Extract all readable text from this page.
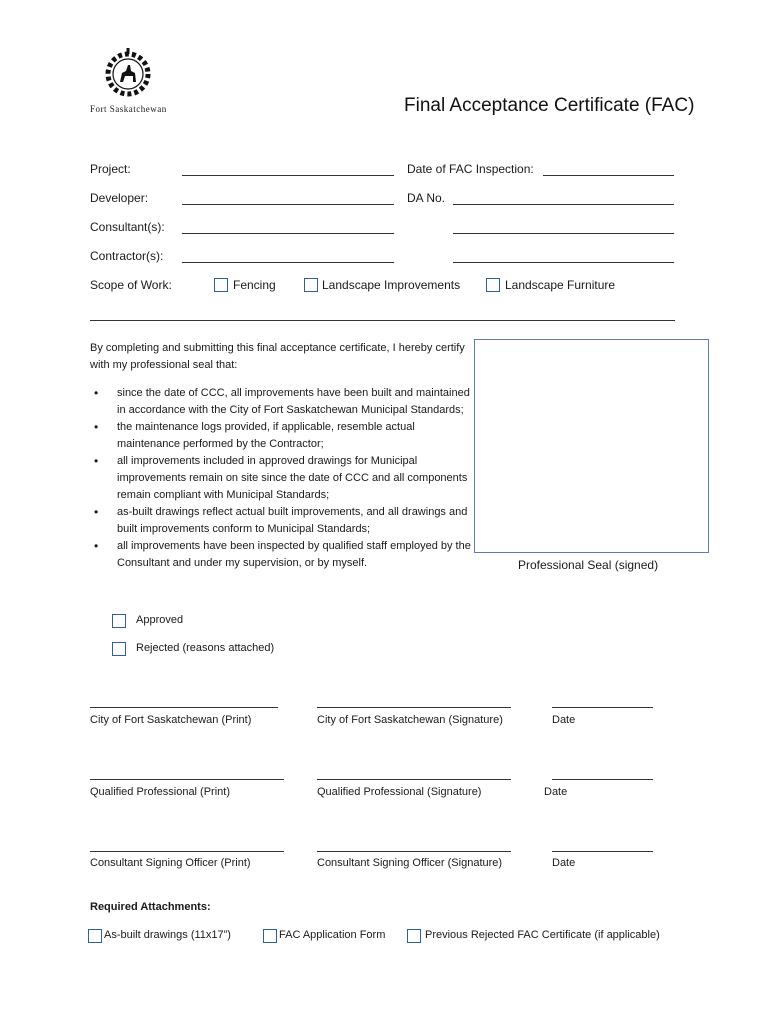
Fort Saskatchewan	Final Acceptance Certificate (FAC)
Project:	Date of FAC Inspection:
Developer:	DA No.
Consultant(s):
Contractor(s):
Scope of Work:	Fencing	Landscape Improvements	Landscape Furniture
By completing and submitting this final acceptance certificate, I hereby certify with my professional seal that:
• since the date of CCC, all improvements have been built and maintained in accordance with the City of Fort Saskatchewan Municipal Standards;
• the maintenance logs provided, if applicable, resemble actual maintenance performed by the Contractor;
• all improvements included in approved drawings for Municipal improvements remain on site since the date of CCC and all components remain compliant with Municipal Standards;
• as-built drawings reflect actual built improvements, and all drawings and built improvements conform to Municipal Standards;
• all improvements have been inspected by qualified staff employed by the Consultant and under my supervision, or by myself.	Professional Seal (signed)
Approved
Rejected (reasons attached)
City of Fort Saskatchewan (Print)	City of Fort Saskatchewan (Signature)	Date
Qualified Professional (Print)	Qualified Professional (Signature)	Date
Consultant Signing Officer (Print)	Consultant Signing Officer (Signature)	Date
Required Attachments:
As-built drawings (11x17”)	FAC Application Form	Previous Rejected FAC Certificate (if applicable)
